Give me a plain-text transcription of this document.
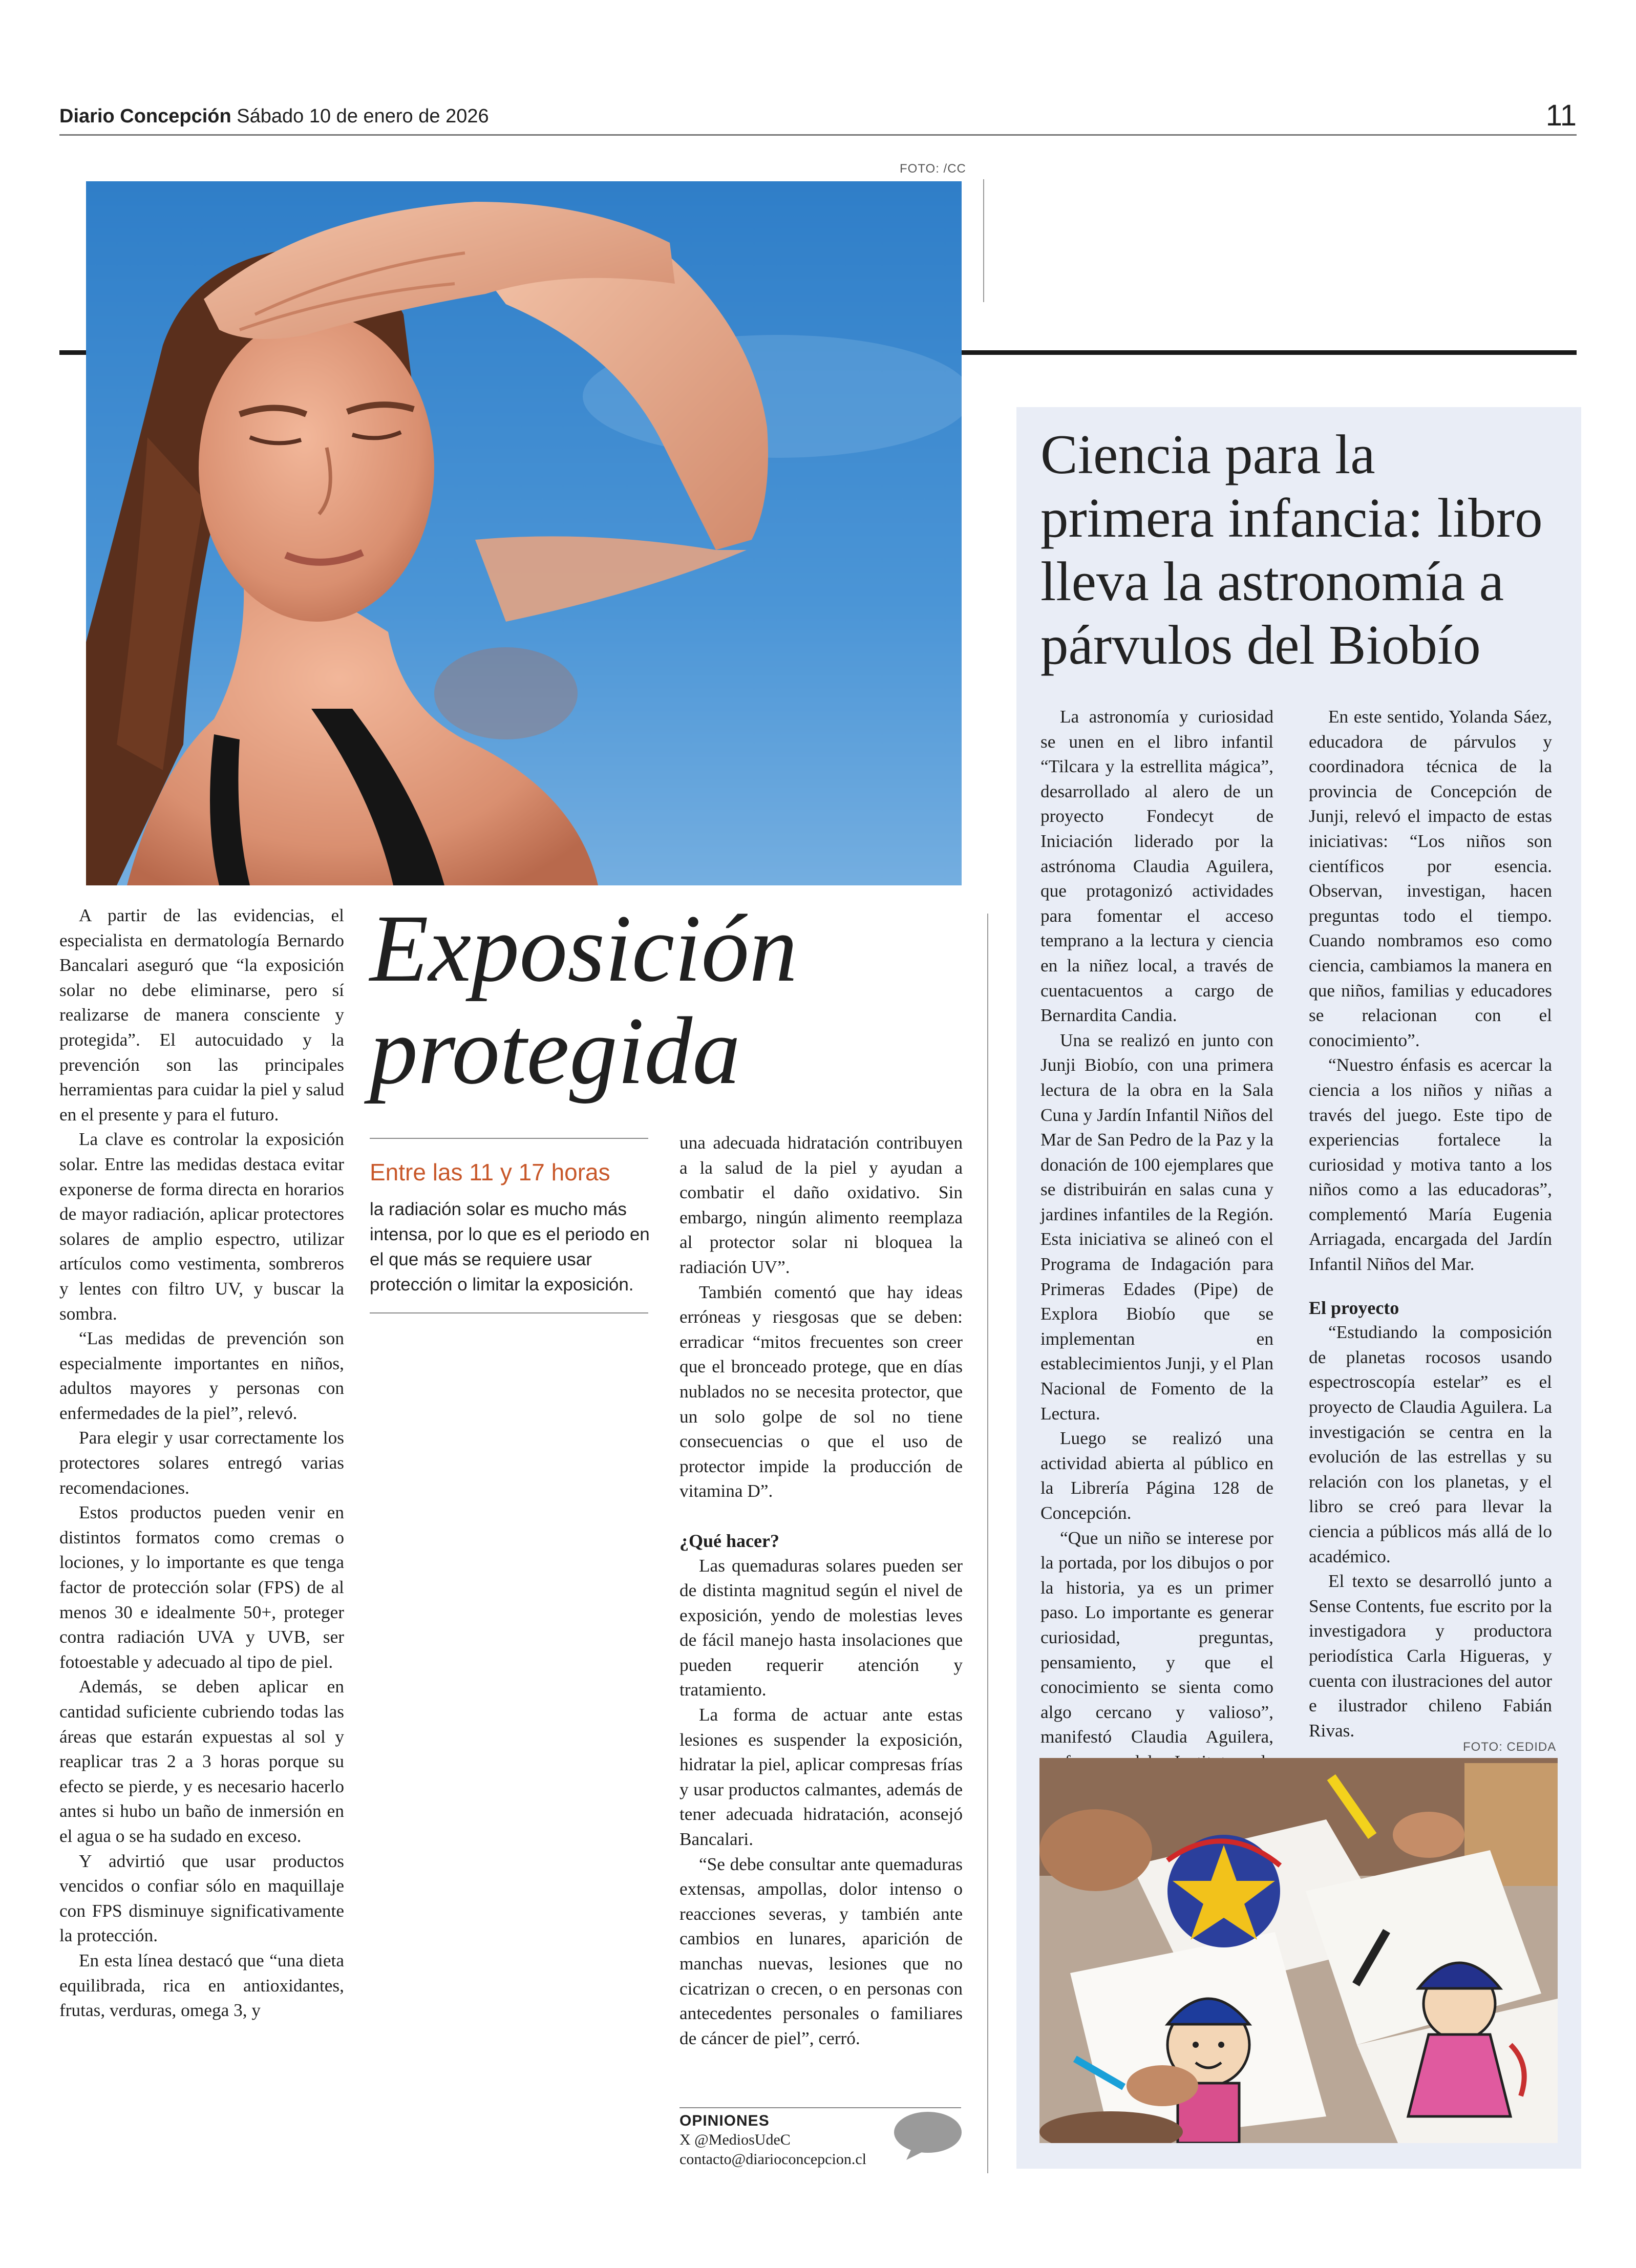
Diario Concepción Sábado 10 de enero de 2026	11
FOTO: /CC

A partir de las evidencias, el especialista en dermatología Bernardo Bancalari aseguró que “la exposición solar no debe eliminarse, pero sí realizarse de manera consciente y protegida”. El autocuidado y la prevención son las principales herramientas para cuidar la piel y salud en el presente y para el futuro.

La clave es controlar la exposición solar. Entre las medidas destaca evitar exponerse de forma directa en horarios de mayor radiación, aplicar protectores solares de amplio espectro, utilizar artículos como vestimenta, sombreros y lentes con filtro UV, y buscar la sombra.

“Las medidas de prevención son especialmente importantes en niños, adultos mayores y personas con enfermedades de la piel”, relevó.

Para elegir y usar correctamente los protectores solares entregó varias recomendaciones.

Estos productos pueden venir en distintos formatos como cremas o lociones, y lo importante es que tenga factor de protección solar (FPS) de al menos 30 e idealmente 50+, proteger contra radiación UVA y UVB, ser fotoestable y adecuado al tipo de piel.

Además, se deben aplicar en cantidad suficiente cubriendo todas las áreas que estarán expuestas al sol y reaplicar tras 2 a 3 horas porque su efecto se pierde, y es necesario hacerlo antes si hubo un baño de inmersión en el agua o se ha sudado en exceso.

Y advirtió que usar productos vencidos o confiar sólo en maquillaje con FPS disminuye significativamente la protección.

En esta línea destacó que “una dieta equilibrada, rica en antioxidantes, frutas, verduras, omega 3, y

Exposición
protegida
Entre las 11 y 17 horas
la radiación solar es mucho más intensa, por lo que es el periodo en el que más se requiere usar protección o limitar la exposición.

una adecuada hidratación contribuyen a la salud de la piel y ayudan a combatir el daño oxidativo. Sin embargo, ningún alimento reemplaza al protector solar ni bloquea la radiación UV”.

También comentó que hay ideas erróneas y riesgosas que se deben: erradicar “mitos frecuentes son creer que el bronceado protege, que en días nublados no se necesita protector, que un solo golpe de sol no tiene consecuencias o que el uso de protector impide la producción de vitamina D”.

¿Qué hacer?

Las quemaduras solares pueden ser de distinta magnitud según el nivel de exposición, yendo de molestias leves de fácil manejo hasta insolaciones que pueden requerir atención y tratamiento.

La forma de actuar ante estas lesiones es suspender la exposición, hidratar la piel, aplicar compresas frías y usar productos calmantes, además de tener adecuada hidratación, aconsejó Bancalari.

“Se debe consultar ante quemaduras extensas, ampollas, dolor intenso o reacciones severas, y también ante cambios en lunares, aparición de manchas nuevas, lesiones que no cicatrizan o crecen, o en personas con antecedentes personales o familiares de cáncer de piel”, cerró.

OPINIONES
X @MediosUdeC
contacto@diarioconcepcion.cl
Ciencia para la
primera infancia: libro
lleva la astronomía a
párvulos del Biobío

La astronomía y curiosidad se unen en el libro infantil “Tilcara y la estrellita mágica”, desarrollado al alero de un proyecto Fondecyt de Iniciación liderado por la astrónoma Claudia Aguilera, que protagonizó actividades para fomentar el acceso temprano a la lectura y ciencia en la niñez local, a través de cuentacuentos a cargo de Bernardita Candia.

Una se realizó en junto con Junji Biobío, con una primera lectura de la obra en la Sala Cuna y Jardín Infantil Niños del Mar de San Pedro de la Paz y la donación de 100 ejemplares que se distribuirán en salas cuna y jardines infantiles de la Región. Esta iniciativa se alineó con el Programa de Indagación para Primeras Edades (Pipe) de Explora Biobío que se implementan en establecimientos Junji, y el Plan Nacional de Fomento de la Lectura.

Luego se realizó una actividad abierta al público en la Librería Página 128 de Concepción.

“Que un niño se interese por la portada, por los dibujos o por la historia, ya es un primer paso. Lo importante es generar curiosidad, preguntas, pensamiento, y que el conocimiento se sienta como algo cercano y valioso”, manifestó Claudia Aguilera,

En este sentido, Yolanda Sáez, educadora de párvulos y coordinadora técnica de la provincia de Concepción de Junji, relevó el impacto de estas iniciativas: “Los niños son científicos por esencia. Observan, investigan, hacen preguntas todo el tiempo. Cuando nombramos eso como ciencia, cambiamos la manera en que niños, familias y educadores se relacionan con el conocimiento”.

“Nuestro énfasis es acercar la ciencia a los niños y niñas a través del juego. Este tipo de experiencias fortalece la curiosidad y motiva tanto a los niños como a las educadoras”, complementó María Eugenia Arriagada, encargada del Jardín Infantil Niños del Mar.

El proyecto

“Estudiando la composición de planetas rocosos usando espectroscopía estelar” es el proyecto de Claudia Aguilera. La investigación se centra en la evolución de las estrellas y su relación con los planetas, y el libro se creó para llevar la ciencia a públicos más allá de lo académico.

El texto se desarrolló junto a Sense Contents, fue escrito por la investigadora y productora periodística Carla Higueras, y cuenta con ilustraciones del autor e ilustrador chileno Fabián Rivas.

FOTO: CEDIDA
